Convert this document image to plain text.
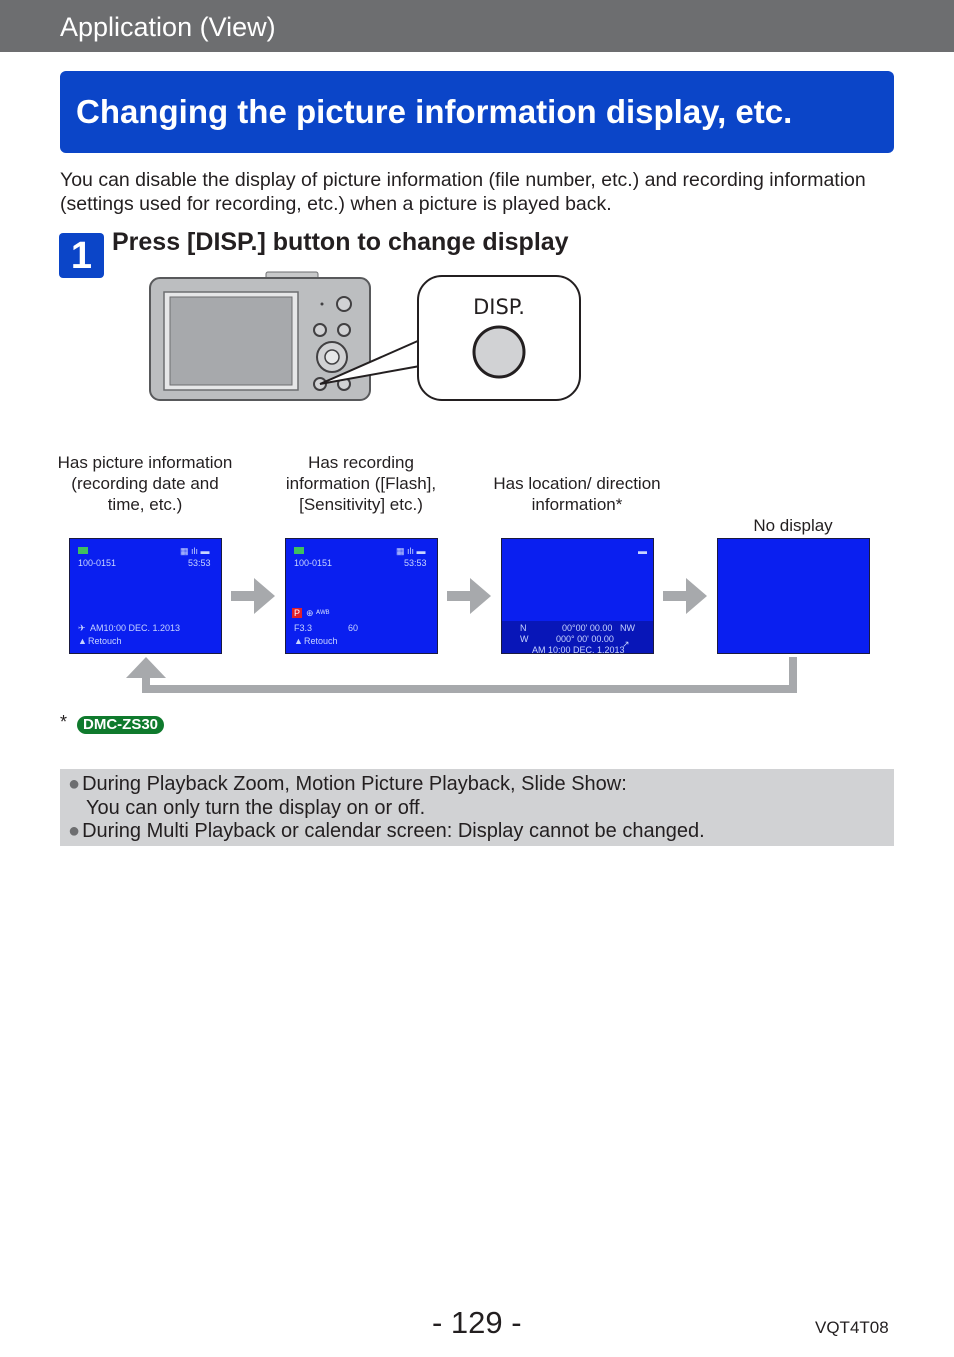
Application (View)
Changing the picture information display, etc.
You can disable the display of picture information (file number, etc.) and recording information (settings used for recording, etc.) when a picture is played back.
1 Press [DISP.] button to change display
DISP.
Has picture information (recording date and time, etc.)
Has recording information ([Flash], [Sensitivity] etc.)
Has location/ direction information*
No display
▦ ılı ▬
100-0151	53:53
AM10:00 DEC. 1.2013
✈
▲ Retouch
▦ ılı ▬
100-0151	53:53
P ⊕ ᴬᵂᴮ
F3.3	60
▲ Retouch
▬
N
W
00°00' 00.00
000° 00' 00.00
NW
↗
AM 10:00 DEC. 1.2013
*	DMC-ZS30
● During Playback Zoom, Motion Picture Playback, Slide Show:
You can only turn the display on or off.
● During Multi Playback or calendar screen: Display cannot be changed.
- 129 -	VQT4T08
